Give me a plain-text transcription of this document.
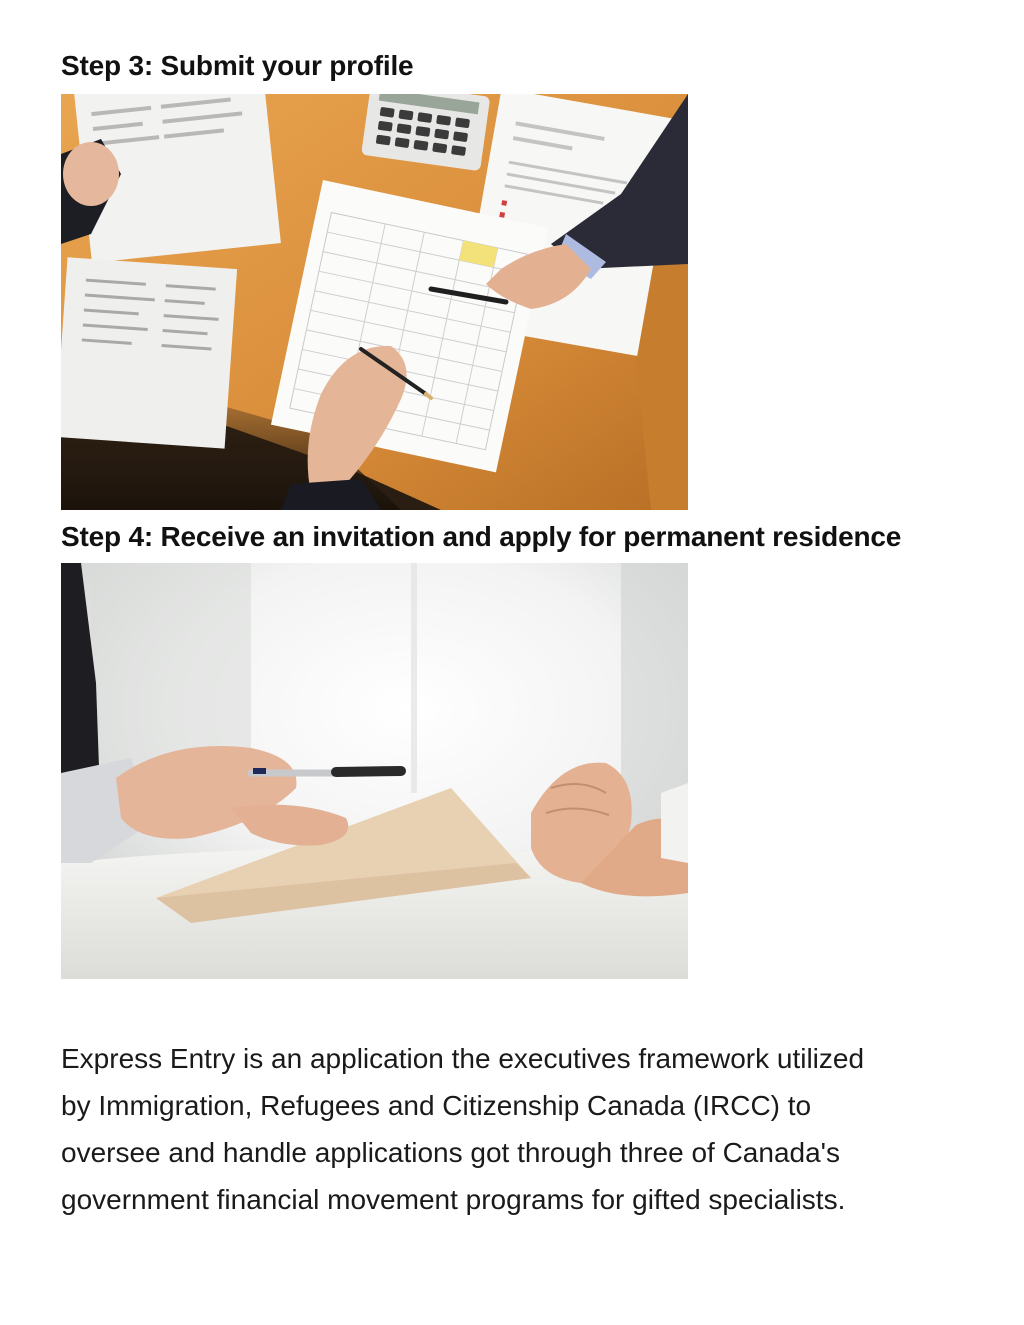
Step 3: Submit your profile
Step 4: Receive an invitation and apply for permanent residence

Express Entry is an application the executives framework utilized
by Immigration, Refugees and Citizenship Canada (IRCC) to
oversee and handle applications got through three of Canada's
government financial movement programs for gifted specialists.
